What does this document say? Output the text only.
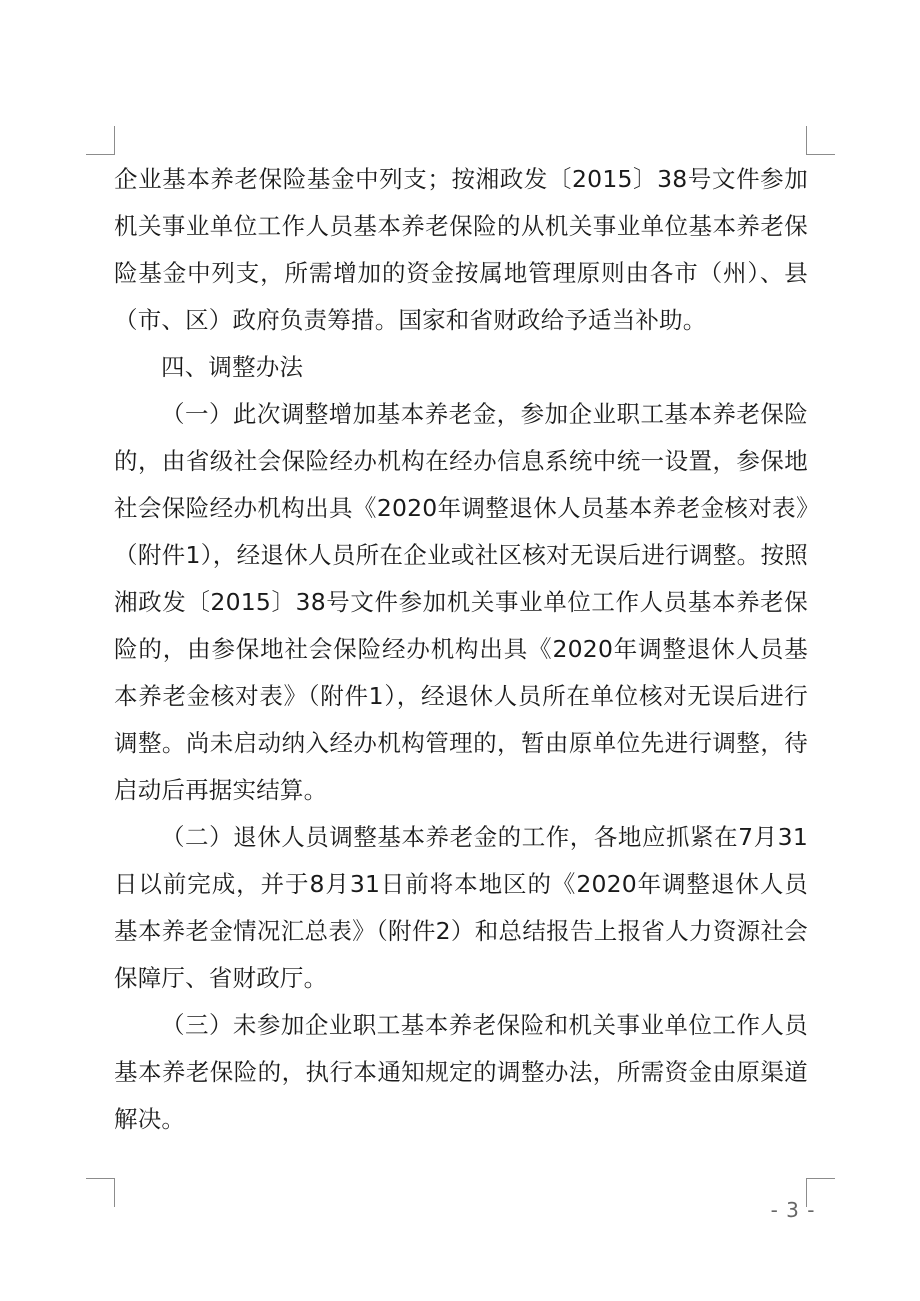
企业基本养老保险基金中列支；按湘政发〔2015〕38号文件参加机关事业单位工作人员基本养老保险的从机关事业单位基本养老保险基金中列支，所需增加的资金按属地管理原则由各市（州）、县（市、区）政府负责筹措。国家和省财政给予适当补助。

四、调整办法

（一）此次调整增加基本养老金，参加企业职工基本养老保险的，由省级社会保险经办机构在经办信息系统中统一设置，参保地社会保险经办机构出具《2020年调整退休人员基本养老金核对表》（附件1），经退休人员所在企业或社区核对无误后进行调整。按照湘政发〔2015〕38号文件参加机关事业单位工作人员基本养老保险的，由参保地社会保险经办机构出具《2020年调整退休人员基本养老金核对表》（附件1），经退休人员所在单位核对无误后进行调整。尚未启动纳入经办机构管理的，暂由原单位先进行调整，待启动后再据实结算。

（二）退休人员调整基本养老金的工作，各地应抓紧在7月31日以前完成，并于8月31日前将本地区的《2020年调整退休人员基本养老金情况汇总表》（附件2）和总结报告上报省人力资源社会保障厅、省财政厅。

（三）未参加企业职工基本养老保险和机关事业单位工作人员基本养老保险的，执行本通知规定的调整办法，所需资金由原渠道解决。

- 3 -
